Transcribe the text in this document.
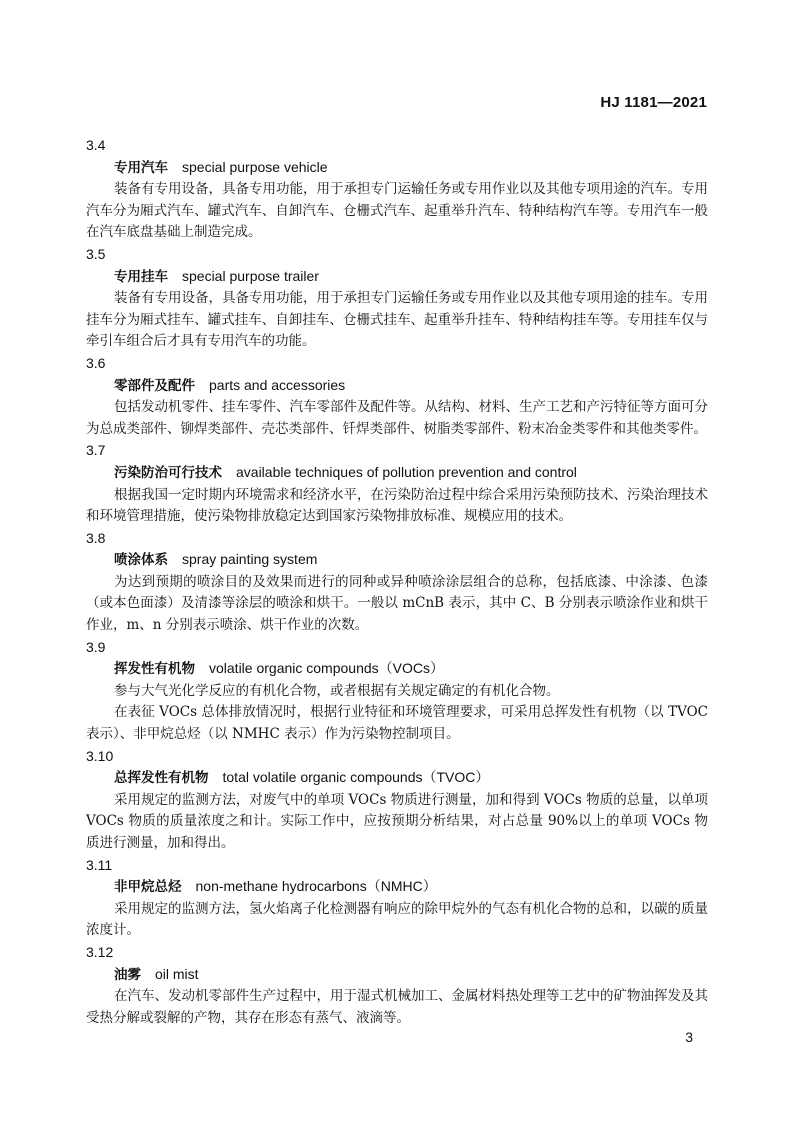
HJ 1181—2021
3.4
专用汽车 special purpose vehicle

装备有专用设备，具备专用功能，用于承担专门运输任务或专用作业以及其他专项用途的汽车。专用汽车分为厢式汽车、罐式汽车、自卸汽车、仓栅式汽车、起重举升汽车、特种结构汽车等。专用汽车一般在汽车底盘基础上制造完成。

3.5
专用挂车 special purpose trailer

装备有专用设备，具备专用功能，用于承担专门运输任务或专用作业以及其他专项用途的挂车。专用挂车分为厢式挂车、罐式挂车、自卸挂车、仓栅式挂车、起重举升挂车、特种结构挂车等。专用挂车仅与牵引车组合后才具有专用汽车的功能。

3.6
零部件及配件 parts and accessories

包括发动机零件、挂车零件、汽车零部件及配件等。从结构、材料、生产工艺和产污特征等方面可分为总成类部件、铆焊类部件、壳芯类部件、钎焊类部件、树脂类零部件、粉末冶金类零件和其他类零件。

3.7
污染防治可行技术 available techniques of pollution prevention and control

根据我国一定时期内环境需求和经济水平，在污染防治过程中综合采用污染预防技术、污染治理技术和环境管理措施，使污染物排放稳定达到国家污染物排放标准、规模应用的技术。

3.8
喷涂体系 spray painting system

为达到预期的喷涂目的及效果而进行的同种或异种喷涂涂层组合的总称，包括底漆、中涂漆、色漆（或本色面漆）及清漆等涂层的喷涂和烘干。一般以 mCnB 表示，其中 C、B 分别表示喷涂作业和烘干作业，m、n 分别表示喷涂、烘干作业的次数。

3.9
挥发性有机物 volatile organic compounds（VOCs）

参与大气光化学反应的有机化合物，或者根据有关规定确定的有机化合物。

在表征 VOCs 总体排放情况时，根据行业特征和环境管理要求，可采用总挥发性有机物（以 TVOC 表示）、非甲烷总烃（以 NMHC 表示）作为污染物控制项目。

3.10
总挥发性有机物 total volatile organic compounds（TVOC）

采用规定的监测方法，对废气中的单项 VOCs 物质进行测量，加和得到 VOCs 物质的总量，以单项 VOCs 物质的质量浓度之和计。实际工作中，应按预期分析结果，对占总量 90%以上的单项 VOCs 物质进行测量，加和得出。

3.11
非甲烷总烃 non-methane hydrocarbons（NMHC）

采用规定的监测方法，氢火焰离子化检测器有响应的除甲烷外的气态有机化合物的总和，以碳的质量浓度计。

3.12
油雾 oil mist

在汽车、发动机零部件生产过程中，用于湿式机械加工、金属材料热处理等工艺中的矿物油挥发及其受热分解或裂解的产物，其存在形态有蒸气、液滴等。

3
